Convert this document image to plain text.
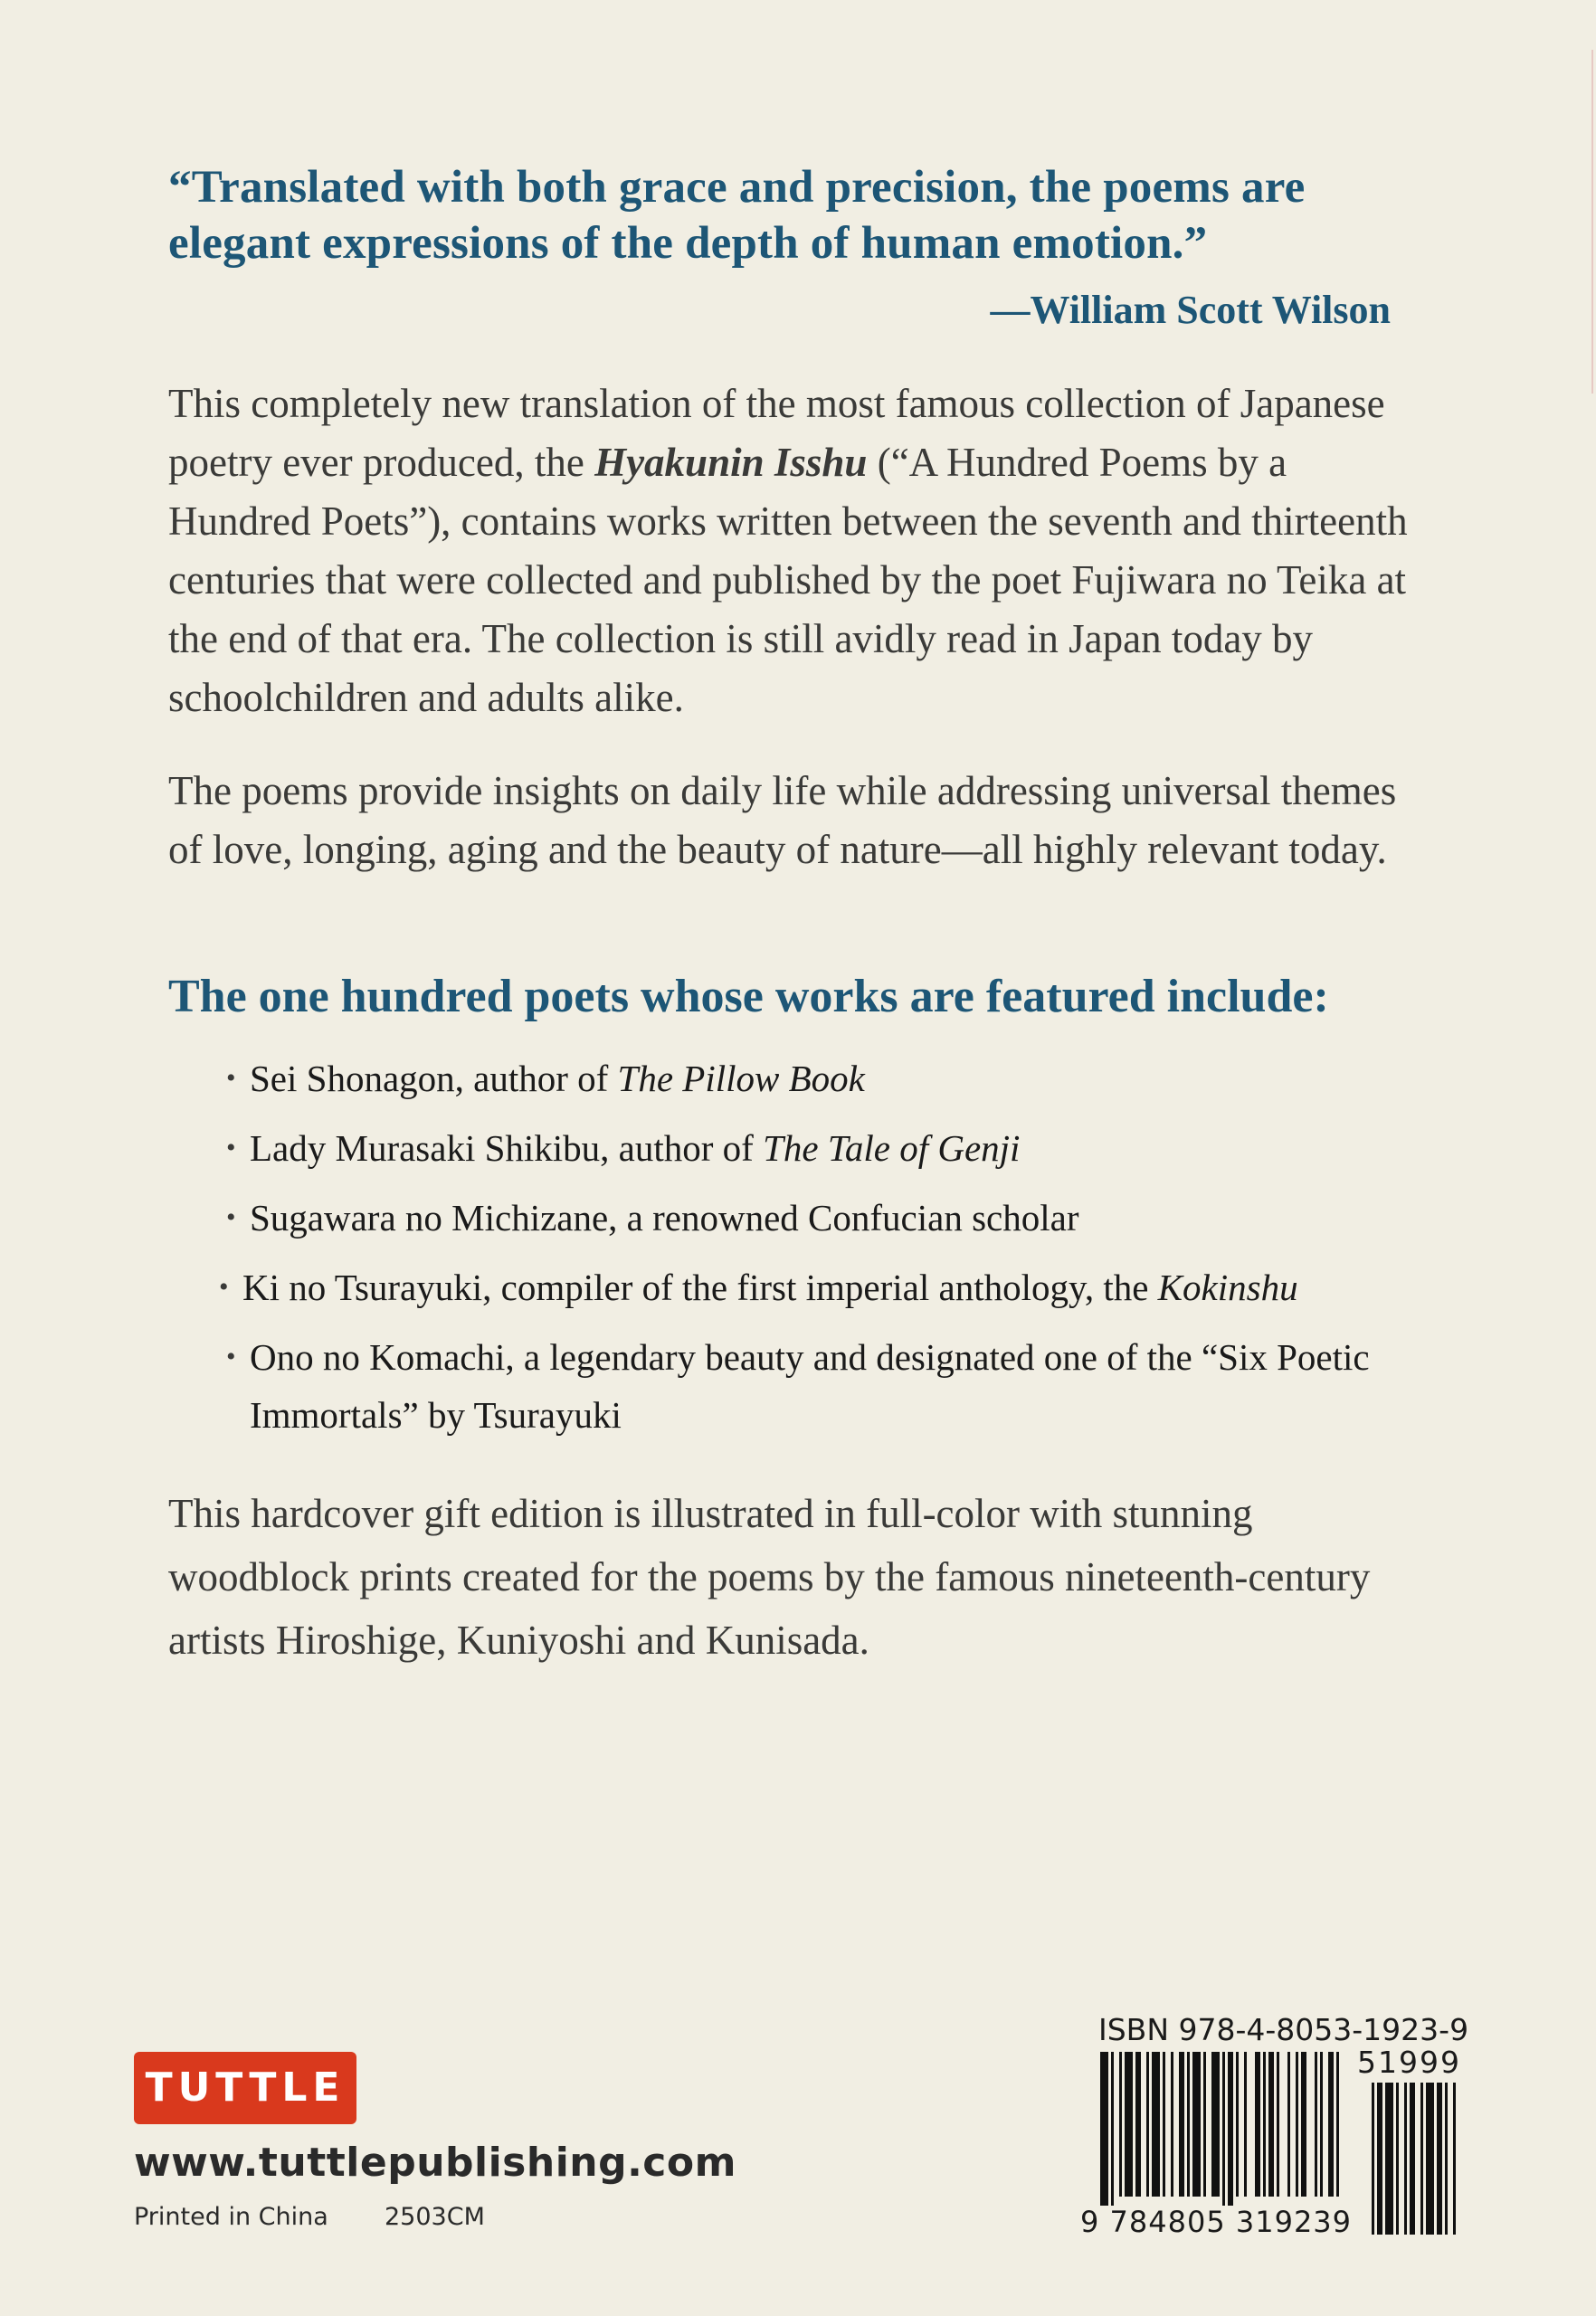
“Translated with both grace and precision, the poems are
elegant expressions of the depth of human emotion.”
—William Scott Wilson
This completely new translation of the most famous collection of Japanese poetry ever produced, the Hyakunin Isshu (“A Hundred Poems by a Hundred Poets”), contains works written between the seventh and thirteenth centuries that were collected and published by the poet Fujiwara no Teika at the end of that era. The collection is still avidly read in Japan today by schoolchildren and adults alike.
The poems provide insights on daily life while addressing universal themes of love, longing, aging and the beauty of nature—all highly relevant today.
The one hundred poets whose works are featured include:
• Sei Shonagon, author of The Pillow Book
• Lady Murasaki Shikibu, author of The Tale of Genji
• Sugawara no Michizane, a renowned Confucian scholar
• Ki no Tsurayuki, compiler of the first imperial anthology, the Kokinshu
• Ono no Komachi, a legendary beauty and designated one of the “Six Poetic Immortals” by Tsurayuki
This hardcover gift edition is illustrated in full-color with stunning woodblock prints created for the poems by the famous nineteenth-century artists Hiroshige, Kuniyoshi and Kunisada.
TUTTLE
www.tuttlepublishing.com
Printed in China 2503CM
ISBN 978-4-8053-1923-9
51999
9 784805 319239
